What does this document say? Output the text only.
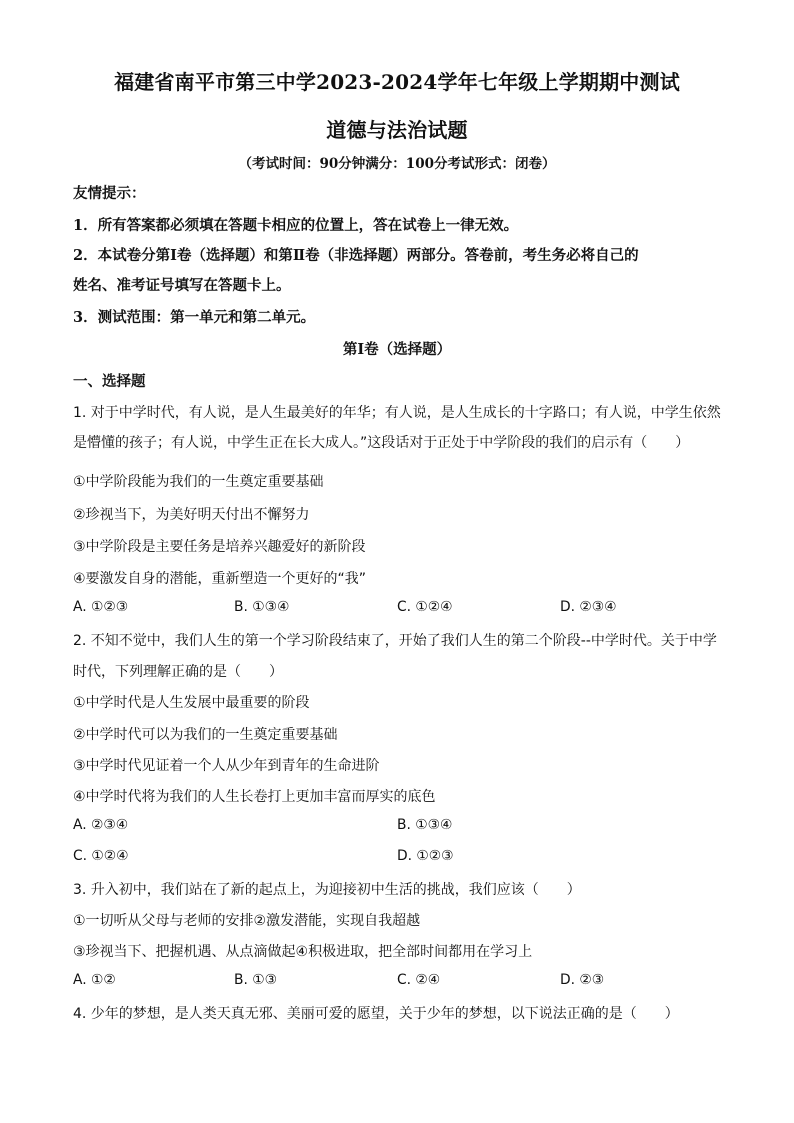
福建省南平市第三中学2023-2024学年七年级上学期期中测试
道德与法治试题
（考试时间：90分钟满分：100分考试形式：闭卷）
友情提示：
1．所有答案都必须填在答题卡相应的位置上，答在试卷上一律无效。
2．本试卷分第Ⅰ卷（选择题）和第Ⅱ卷（非选择题）两部分。答卷前，考生务必将自己的
姓名、准考证号填写在答题卡上。
3．测试范围：第一单元和第二单元。
第Ⅰ卷（选择题）
一、选择题
1. 对于中学时代，有人说，是人生最美好的年华；有人说，是人生成长的十字路口；有人说，中学生依然
是懵懂的孩子；有人说，中学生正在长大成人。”这段话对于正处于中学阶段的我们的启示有（　　）
①中学阶段能为我们的一生奠定重要基础
②珍视当下，为美好明天付出不懈努力
③中学阶段是主要任务是培养兴趣爱好的新阶段
④要激发自身的潜能，重新塑造一个更好的“我”
A. ①②③	B. ①③④	C. ①②④	D. ②③④
2. 不知不觉中，我们人生的第一个学习阶段结束了，开始了我们人生的第二个阶段--中学时代。关于中学
时代，下列理解正确的是（　　）
①中学时代是人生发展中最重要的阶段
②中学时代可以为我们的一生奠定重要基础
③中学时代见证着一个人从少年到青年的生命进阶
④中学时代将为我们的人生长卷打上更加丰富而厚实的底色
A. ②③④	B. ①③④
C. ①②④	D. ①②③
3. 升入初中，我们站在了新的起点上，为迎接初中生活的挑战，我们应该（　　）
①一切听从父母与老师的安排②激发潜能，实现自我超越
③珍视当下、把握机遇、从点滴做起④积极进取，把全部时间都用在学习上
A. ①②	B. ①③	C. ②④	D. ②③
4. 少年的梦想，是人类天真无邪、美丽可爱的愿望，关于少年的梦想，以下说法正确的是（　　）
